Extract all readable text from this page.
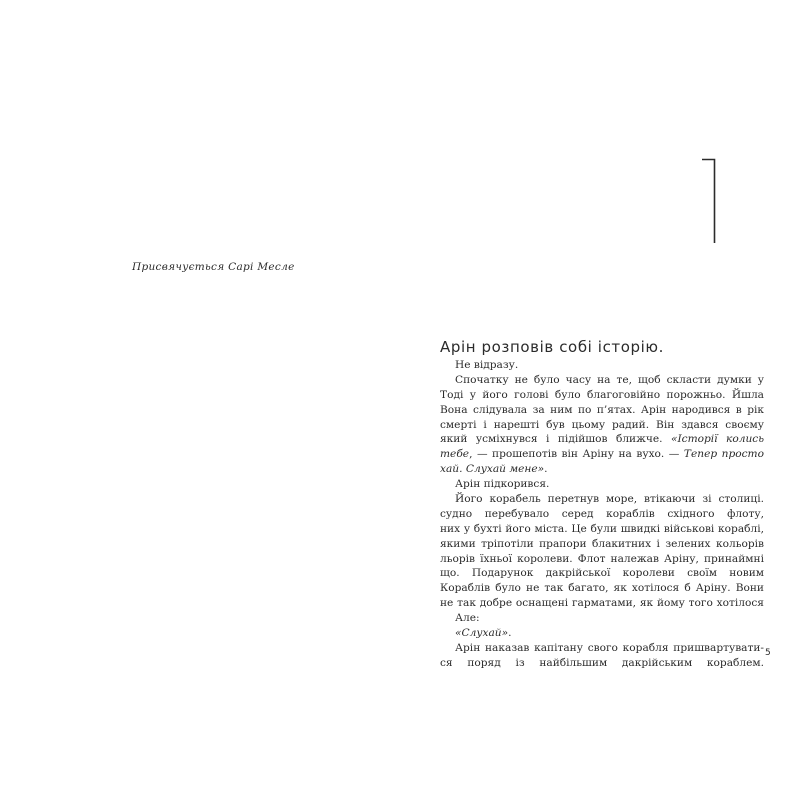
Присвячується Сарі Месле
Арін розповів собі історію.
Не відразу.
Спочатку не було часу на те, щоб скласти думки у
Тоді у його голові було благоговійно порожньо. Йшла
Вона слідувала за ним по п’ятах. Арін народився в рік
смерті і нарешті був цьому радий. Він здався своєму
який усміхнувся і підійшов ближче. «Історії колись
тебе, — прошепотів він Аріну на вухо. — Тепер просто
хай. Слухай мене».
Арін підкорився.
Його корабель перетнув море, втікаючи зі столиці.
судно перебувало серед кораблів східного флоту,
них у бухті його міста. Це були швидкі військові кораблі,
якими тріпотіли прапори блакитних і зелених кольорів
льорів їхньої королеви. Флот належав Аріну, принаймні
що. Подарунок дакрійської королеви своїм новим
Кораблів було не так багато, як хотілося б Аріну. Вони
не так добре оснащені гарматами, як йому того хотілося
Але:
«Слухай».
Арін наказав капітану свого корабля пришвартувати-
ся поряд із найбільшим дакрійським кораблем.
5
